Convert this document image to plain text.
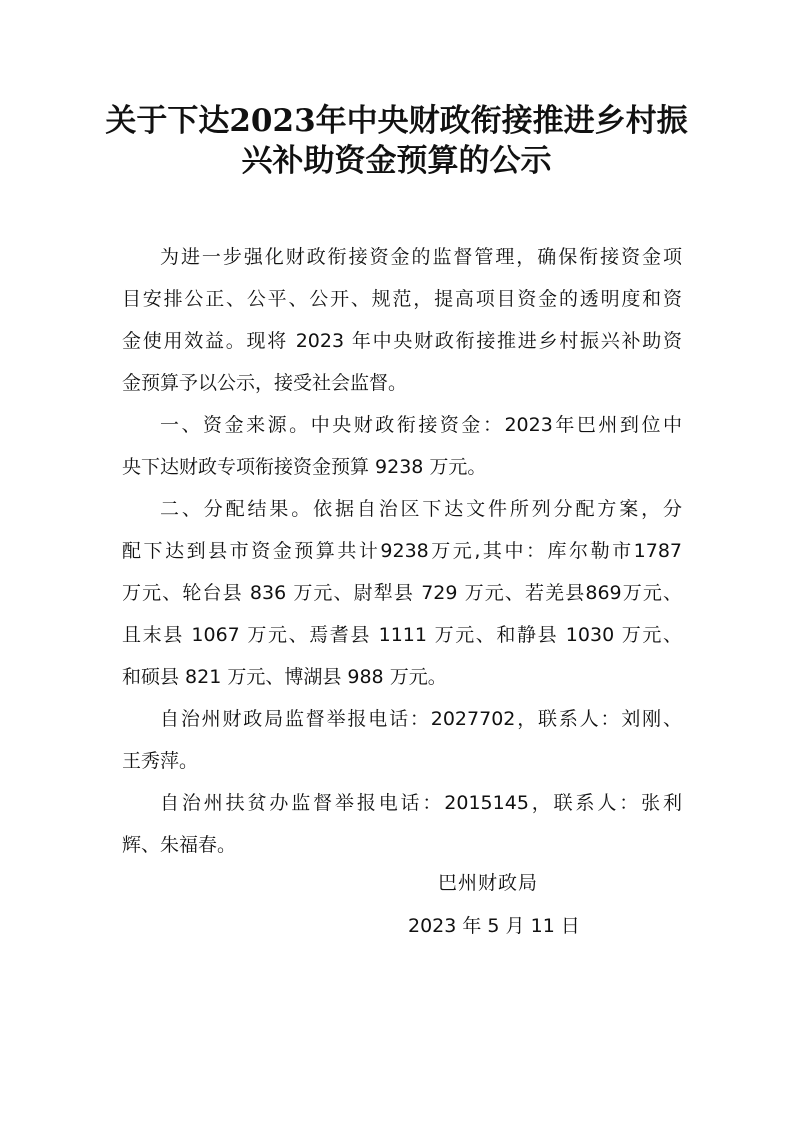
关于下达2023年中央财政衔接推进乡村振
兴补助资金预算的公示

为进一步强化财政衔接资金的监督管理，确保衔接资金项

目安排公正、公平、公开、规范，提高项目资金的透明度和资

金使用效益。现将 2023 年中央财政衔接推进乡村振兴补助资

金预算予以公示，接受社会监督。

一、资金来源。中央财政衔接资金：2023年巴州到位中

央下达财政专项衔接资金预算 9238 万元。

二、分配结果。依据自治区下达文件所列分配方案，分

配下达到县市资金预算共计9238万元,其中：库尔勒市1787

万元、轮台县 836 万元、尉犁县 729 万元、若羌县869万元、

且末县 1067 万元、焉耆县 1111 万元、和静县 1030 万元、

和硕县 821 万元、博湖县 988 万元。

自治州财政局监督举报电话：2027702，联系人：刘刚、

王秀萍。

自治州扶贫办监督举报电话：2015145，联系人：张利

辉、朱福春。

巴州财政局

2023 年 5 月 11 日
